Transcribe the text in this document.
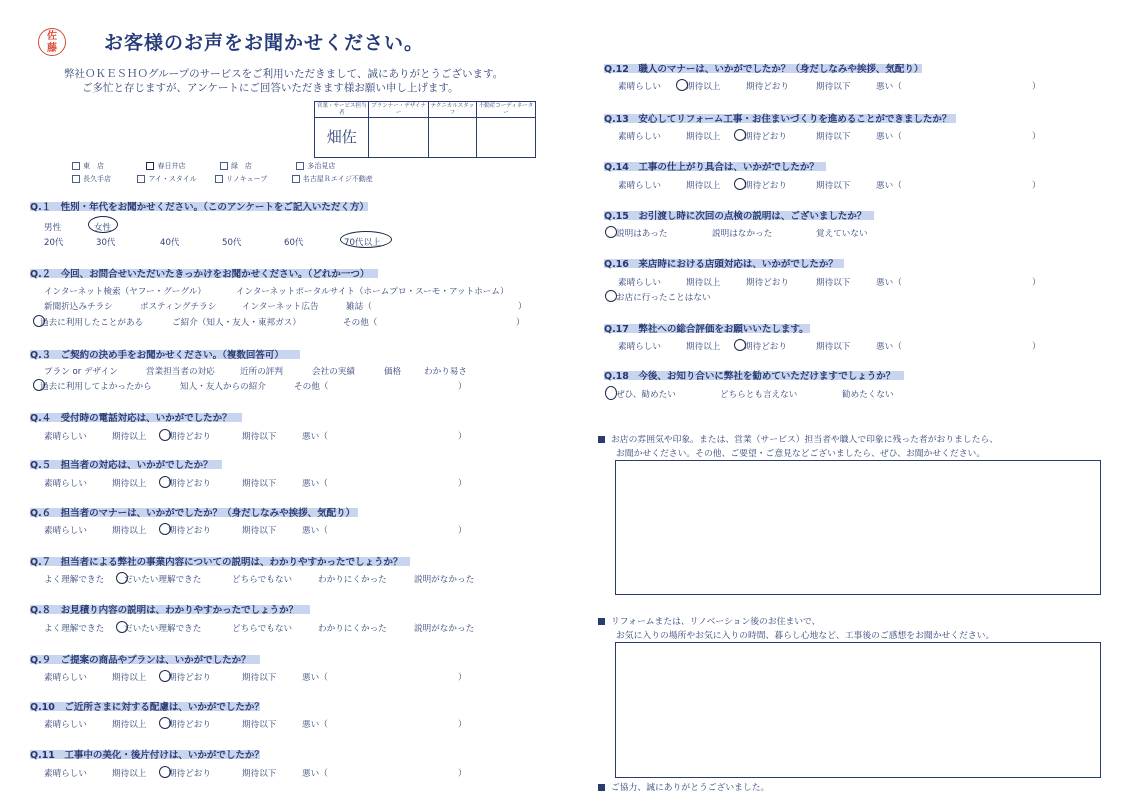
佐
藤	お客様のお声をお聞かせください。
弊社ＯＫＥＳＨＯグループのサービスをご利用いただきまして、誠にありがとうございます。
ご多忙と存じますが、アンケートにご回答いただきます様お願い申し上げます。
営業・サービス担当者	プランナー・デザイナー	テクニカルスタッフ	不動産コーディネーター
畑佐			
東　店	春日井店	緑　店	多治見店
長久手店	アイ・スタイル	リノキューブ	名古屋Ｒエイジ不動産
Q.１　性別・年代をお聞かせください。（このアンケートをご記入いただく方）
男性	女性
20代	30代	40代	50代	60代	70代以上
Q.２　今回、お問合せいただいたきっかけをお聞かせください。（どれか一つ）
インターネット検索（ヤフー・グーグル）	インターネットポータルサイト（ホームプロ・スーモ・アットホーム）
新聞折込みチラシ	ポスティングチラシ	インターネット広告	雑誌（	）
過去に利用したことがある	ご紹介（知人・友人・東邦ガス）	その他（	）
Q.３　ご契約の決め手をお聞かせください。（複数回答可）
プラン or デザイン	営業担当者の対応	近所の評判	会社の実績	価格	わかり易さ
過去に利用してよかったから	知人・友人からの紹介	その他（	）
Q.４　受付時の電話対応は、いかがでしたか？
素晴らしい	期待以上	期待どおり	期待以下	悪い（	）
Q.５　担当者の対応は、いかがでしたか？
素晴らしい	期待以上	期待どおり	期待以下	悪い（	）
Q.６　担当者のマナーは、いかがでしたか？（身だしなみや挨拶、気配り）
素晴らしい	期待以上	期待どおり	期待以下	悪い（	）
Q.７　担当者による弊社の事業内容についての説明は、わかりやすかったでしょうか？
よく理解できた だいたい理解できた	どちらでもない	わかりにくかった	説明がなかった
Q.８　お見積り内容の説明は、わかりやすかったでしょうか？
よく理解できた だいたい理解できた	どちらでもない	わかりにくかった	説明がなかった
Q.９　ご提案の商品やプランは、いかがでしたか？
素晴らしい	期待以上	期待どおり	期待以下	悪い（	）
Q.10　ご近所さまに対する配慮は、いかがでしたか？
素晴らしい	期待以上	期待どおり	期待以下	悪い（	）
Q.11　工事中の美化・後片付けは、いかがでしたか？
素晴らしい	期待以上	期待どおり	期待以下	悪い（	）
Q.12　職人のマナーは、いかがでしたか？（身だしなみや挨拶、気配り）
素晴らしい	期待以上	期待どおり	期待以下	悪い（	）
Q.13　安心してリフォーム工事・お住まいづくりを進めることができましたか？
素晴らしい	期待以上	期待どおり	期待以下	悪い（	）
Q.14　工事の仕上がり具合は、いかがでしたか？
素晴らしい	期待以上	期待どおり	期待以下	悪い（	）
Q.15　お引渡し時に次回の点検の説明は、ございましたか？
説明はあった	説明はなかった	覚えていない
Q.16　来店時における店頭対応は、いかがでしたか？
素晴らしい	期待以上	期待どおり	期待以下	悪い（	）
お店に行ったことはない
Q.17　弊社への総合評価をお願いいたします。
素晴らしい	期待以上	期待どおり	期待以下	悪い（	）
Q.18　今後、お知り合いに弊社を勧めていただけますでしょうか？
ぜひ、勧めたい	どちらとも言えない	勧めたくない
お店の雰囲気や印象。または、営業（サービス）担当者や職人で印象に残った者がおりましたら、
お聞かせください。その他、ご要望・ご意見などございましたら、ぜひ、お聞かせください。
リフォームまたは、リノベーション後のお住まいで、
お気に入りの場所やお気に入りの時間、暮らし心地など、工事後のご感想をお聞かせください。
ご協力、誠にありがとうございました。
